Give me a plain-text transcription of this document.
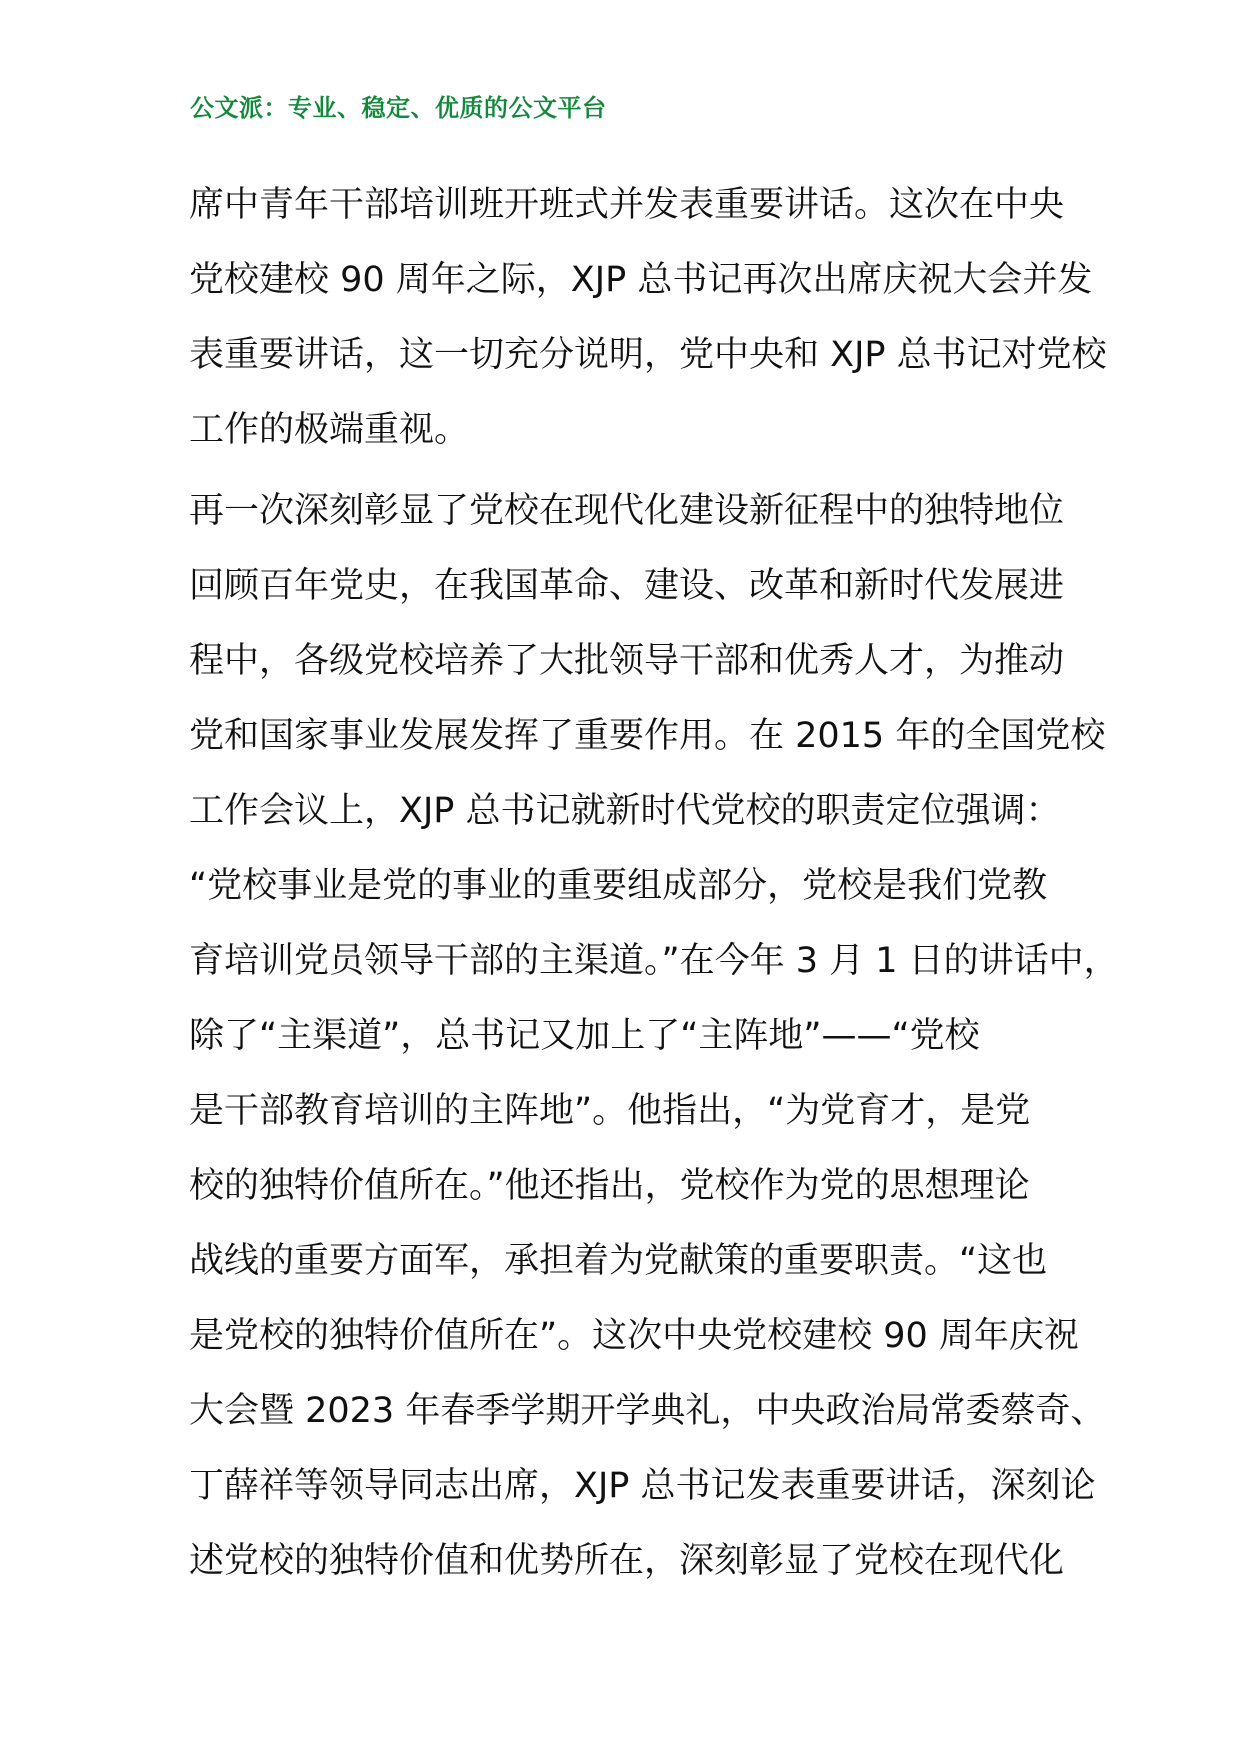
公文派：专业、稳定、优质的公文平台
席中青年干部培训班开班式并发表重要讲话。这次在中央
党校建校 90 周年之际，XJP 总书记再次出席庆祝大会并发
表重要讲话，这一切充分说明，党中央和 XJP 总书记对党校
工作的极端重视。
再一次深刻彰显了党校在现代化建设新征程中的独特地位
回顾百年党史，在我国革命、建设、改革和新时代发展进
程中，各级党校培养了大批领导干部和优秀人才，为推动
党和国家事业发展发挥了重要作用。在 2015 年的全国党校
工作会议上，XJP 总书记就新时代党校的职责定位强调：
“党校事业是党的事业的重要组成部分，党校是我们党教
育培训党员领导干部的主渠道。”在今年 3 月 1 日的讲话中，
除了“主渠道”，总书记又加上了“主阵地”——“党校
是干部教育培训的主阵地”。他指出，“为党育才，是党
校的独特价值所在。”他还指出，党校作为党的思想理论
战线的重要方面军，承担着为党献策的重要职责。“这也
是党校的独特价值所在”。这次中央党校建校 90 周年庆祝
大会暨 2023 年春季学期开学典礼，中央政治局常委蔡奇、
丁薛祥等领导同志出席，XJP 总书记发表重要讲话，深刻论
述党校的独特价值和优势所在，深刻彰显了党校在现代化
